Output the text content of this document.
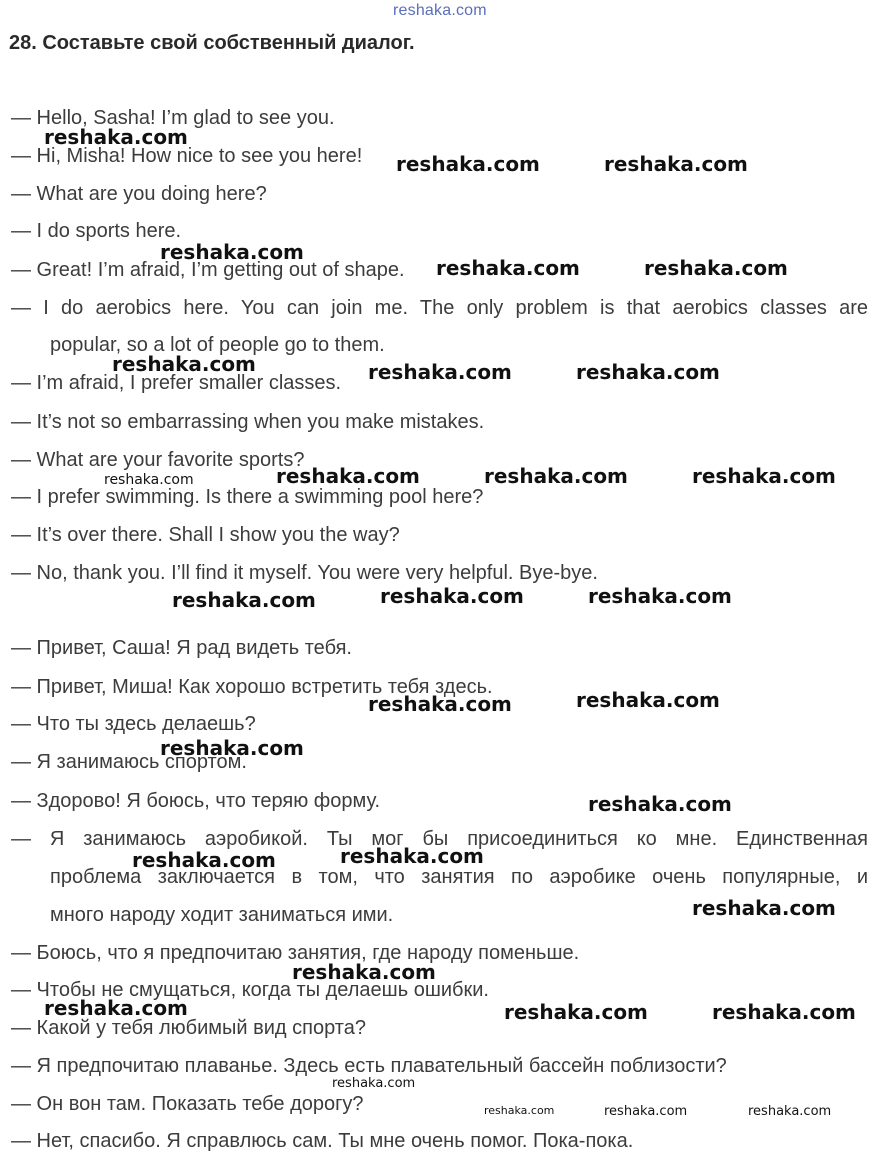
reshaka.com
28. Составьте свой собственный диалог.
— Hello, Sasha! I’m glad to see you.
— Hi, Misha! How nice to see you here!
— What are you doing here?
— I do sports here.
— Great! I’m afraid, I’m getting out of shape.
— I do aerobics here. You can join me. The only problem is that aerobics classes are
popular, so a lot of people go to them.
— I’m afraid, I prefer smaller classes.
— It’s not so embarrassing when you make mistakes.
— What are your favorite sports?
— I prefer swimming. Is there a swimming pool here?
— It’s over there. Shall I show you the way?
— No, thank you. I’ll find it myself. You were very helpful. Bye-bye.
— Привет, Саша! Я рад видеть тебя.
— Привет, Миша! Как хорошо встретить тебя здесь.
— Что ты здесь делаешь?
— Я занимаюсь спортом.
— Здорово! Я боюсь, что теряю форму.
— Я занимаюсь аэробикой. Ты мог бы присоединиться ко мне. Единственная
проблема заключается в том, что занятия по аэробике очень популярные, и
много народу ходит заниматься ими.
— Боюсь, что я предпочитаю занятия, где народу поменьше.
— Чтобы не смущаться, когда ты делаешь ошибки.
— Какой у тебя любимый вид спорта?
— Я предпочитаю плаванье. Здесь есть плавательный бассейн поблизости?
— Он вон там. Показать тебе дорогу?
— Нет, спасибо. Я справлюсь сам. Ты мне очень помог. Пока-пока.
reshaka.com
reshaka.com	reshaka.com
reshaka.com
reshaka.com	reshaka.com
reshaka.com	reshaka.com	reshaka.com
reshaka.com	reshaka.com	reshaka.com	reshaka.com
reshaka.com	reshaka.com	reshaka.com
reshaka.com	reshaka.com
reshaka.com
reshaka.com
reshaka.com	reshaka.com
reshaka.com
reshaka.com
reshaka.com	reshaka.com	reshaka.com
reshaka.com
reshaka.com	reshaka.com	reshaka.com
